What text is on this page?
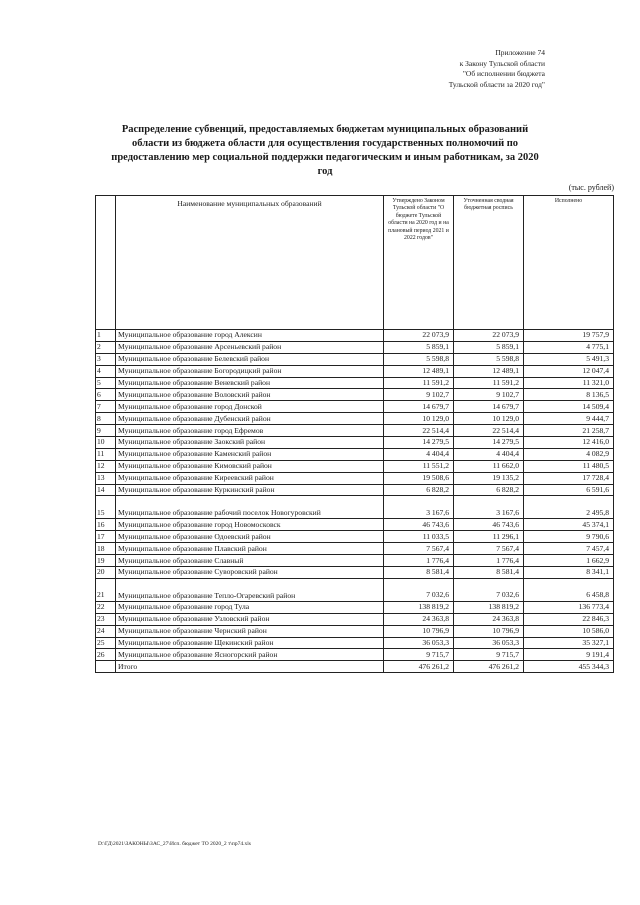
Приложение 74
к Закону Тульской области
"Об исполнении бюджета
Тульской области за 2020 год"
Распределение субвенций, предоставляемых бюджетам муниципальных образований области из бюджета области для осуществления государственных полномочий по предоставлению мер социальной поддержки педагогическим и иным работникам, за 2020 год
(тыс. рублей)
	Наименование муниципальных образований	Утверждено Законом Тульской области "О бюджете Тульской области на 2020 год и на плановый период 2021 и 2022 годов"	Уточненная сводная бюджетная роспись	Исполнено
1	Муниципальное образование город Алексин	22 073,9	22 073,9	19 757,9
2	Муниципальное образование Арсеньевский район	5 859,1	5 859,1	4 775,1
3	Муниципальное образование Белевский район	5 598,8	5 598,8	5 491,3
4	Муниципальное образование Богородицкий район	12 489,1	12 489,1	12 047,4
5	Муниципальное образование Веневский район	11 591,2	11 591,2	11 321,0
6	Муниципальное образование Воловский район	9 102,7	9 102,7	8 136,5
7	Муниципальное образование город Донской	14 679,7	14 679,7	14 509,4
8	Муниципальное образование Дубенский район	10 129,0	10 129,0	9 444,7
9	Муниципальное образование город Ефремов	22 514,4	22 514,4	21 258,7
10	Муниципальное образование Заокский район	14 279,5	14 279,5	12 416,0
11	Муниципальное образование Каменский район	4 404,4	4 404,4	4 082,9
12	Муниципальное образование Кимовский район	11 551,2	11 662,0	11 480,5
13	Муниципальное образование Киреевский район	19 508,6	19 135,2	17 728,4
14	Муниципальное образование Куркинский район	6 828,2	6 828,2	6 591,6
15	Муниципальное образование рабочий поселок Новогуровский	3 167,6	3 167,6	2 495,8
16	Муниципальное образование город Новомосковск	46 743,6	46 743,6	45 374,1
17	Муниципальное образование Одоевский район	11 033,5	11 296,1	9 790,6
18	Муниципальное образование Плавский район	7 567,4	7 567,4	7 457,4
19	Муниципальное образование Славный	1 776,4	1 776,4	1 662,9
20	Муниципальное образование Суворовский район	8 581,4	8 581,4	8 341,1
21	Муниципальное образование Тепло-Огаревский район	7 032,6	7 032,6	6 458,8
22	Муниципальное образование город Тула	138 819,2	138 819,2	136 773,4
23	Муниципальное образование Узловский район	24 363,8	24 363,8	22 846,3
24	Муниципальное образование Чернский район	10 796,9	10 796,9	10 586,0
25	Муниципальное образование Щекинский район	36 053,3	36 053,3	35 327,1
26	Муниципальное образование Ясногорский район	9 715,7	9 715,7	9 191,4
	Итого	476 261,2	476 261,2	455 344,3
D:\ГД\2021\ЗАКОНЫ\ЗАС_27\Исп. бюджет ТО 2020_2 т\пр74.xls
